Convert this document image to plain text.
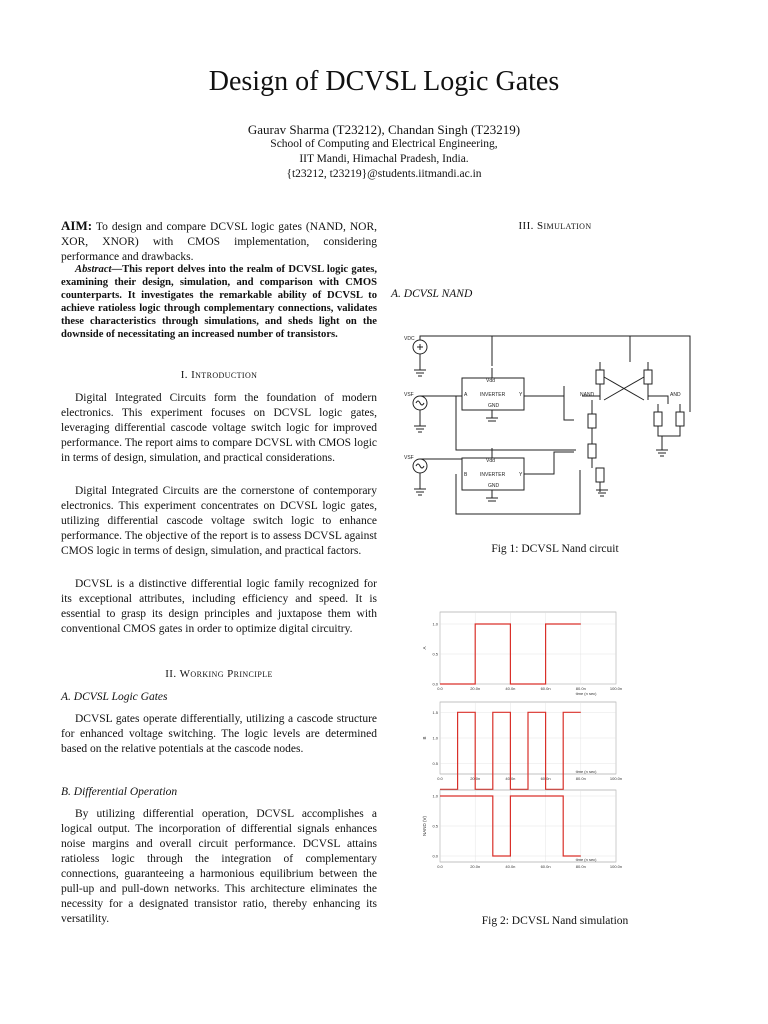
Design of DCVSL Logic Gates
Gaurav Sharma (T23212), Chandan Singh (T23219)
School of Computing and Electrical Engineering,
IIT Mandi, Himachal Pradesh, India.
{t23212, t23219}@students.iitmandi.ac.in
AIM: To design and compare DCVSL logic gates (NAND, NOR, XOR, XNOR) with CMOS implementation, considering performance and drawbacks.
Abstract—This report delves into the realm of DCVSL logic gates, examining their design, simulation, and comparison with CMOS counterparts. It investigates the remarkable ability of DCVSL to achieve ratioless logic through complementary connections, validates these characteristics through simulations, and sheds light on the downside of necessitating an increased number of transistors.
I. Introduction
Digital Integrated Circuits form the foundation of modern electronics. This experiment focuses on DCVSL logic gates, leveraging differential cascode voltage switch logic for improved performance. The report aims to compare DCVSL with CMOS logic in terms of design, simulation, and practical considerations.
Digital Integrated Circuits are the cornerstone of contemporary electronics. This experiment concentrates on DCVSL logic gates, utilizing differential cascode voltage switch logic to enhance performance. The objective of the report is to assess DCVSL against CMOS logic in terms of design, simulation, and practical factors.
DCVSL is a distinctive differential logic family recognized for its exceptional attributes, including efficiency and speed. It is essential to grasp its design principles and juxtapose them with conventional CMOS gates in order to optimize digital circuitry.
II. Working Principle
A. DCVSL Logic Gates
DCVSL gates operate differentially, utilizing a cascode structure for enhanced voltage switching. The logic levels are determined based on the relative potentials at the cascode nodes.
B. Differential Operation
By utilizing differential operation, DCVSL accomplishes a logical output. The incorporation of differential signals enhances noise margins and overall circuit performance. DCVSL attains ratioless logic through the integration of complementary connections, guaranteeing a harmonious equilibrium between the pull-up and pull-down networks. This architecture eliminates the necessity for a designated transistor ratio, thereby enhancing its versatility.
III. Simulation
A. DCVSL NAND
VDC
VSF
VSF
Vdd
INVERTER
GND
A	Y
Vdd
INVERTER
GND
B	Y
NAND	AND
Fig 1: DCVSL Nand circuit
0.0	20.0n	40.0n	60.0n	80.0n	100.0n
0.0
0.5
1.0
A
time (n sec)
0.0	20.0n	40.0n	60.0n	80.0n	100.0n
0.5
1.0
1.5
B
time (n sec)
0.0	20.0n	40.0n	60.0n	80.0n	100.0n
0.0
0.5
1.0
NAND (V)
time (n sec)
Fig 2: DCVSL Nand simulation
